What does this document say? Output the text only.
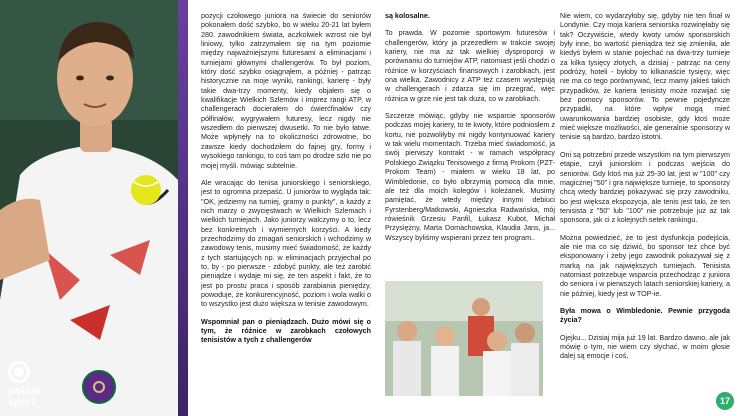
polsat
sport

pozycji czołowego juniora na świecie do seniorów pokonałem dość szybko, bo w wieku 20-21 lat byłem 280. zawodnikiem świata, aczkolwiek wzrost nie był liniowy, tylko zatrzymałem się na tym poziomie między najważniejszymi futuresami a eliminacjami i turniejami głównymi challengerów. To był poziom, który dość szybko osiągnąłem, a później - patrząc historycznie na moje wyniki, rankingi, karierę - były takie dwa-trzy momenty, kiedy objałem się o kwalifikacje Wielkich Szlemów i imprez rangi ATP, w challengerach docierałem do ćwierćfinałów czy półfinałów, wygrywałem futuresy, lecz nigdy nie wszedłem do pierwszej dwusetki. To nie było łatwe. Może wpłynęły na to okoliczności zdrowotne, bo zawsze kiedy dochodziłem do fajnej gry, formy i wysokiego rankingu, to coś tam po drodze szło nie po mojej myśli. mówiąc subtelnie.

Ale wracając do tenisa juniorskiego i seniorskiego, jest to ogromna przepaść. U juniorów to wygląda tak: "OK, jedziemy na turniej, gramy o punkty", a każdy z nich marzy o zwycięstwach w Wielkich Szlemach i wielkich turniejach. Jako juniorzy walczymy o to, lecz bez konkretnych i wymiernych korzyści. A kiedy przechodzimy do zmagań seniorskich i wchodzimy w zawodowy tenis, musimy mieć świadomość, że każdy z tych startujących np. w eliminacjach przyjechał po to, by - po pierwsze - zdobyć punkty, ale też zarobić pieniądze i wydaje mi się, że ten aspekt i fakt, że to jest po prostu praca i sposób zarabiania pieniędzy, powoduje, że konkurencyjność, poziom i wola walki o to wszystko jest dużo większa w tenisie zawodowym.

Wspomniał pan o pieniądzach. Dużo mówi się o tym, że różnice w zarobkach czołowych tenisistów a tych z challengerów

są kolosalne.

To prawda. W pozomie sportowym futuresów i challengerów, który ja przezedłem w trakcie swojej kariery, nie ma aż tak wielkiej dysproporcji w porównaniu do turniejów ATP, natomiast jeśli chodzi o różnice w korzyściach finansowych i zarobkach, jest ona wielka. Zawodnicy z ATP też czasem występują w challengerach i zdarza się im przegrać, więc różnica w grze nie jest tak duża, co w zarobkach.

Szczerze mówiąc, gdyby nie wsparcie sponsorów podczas mojej kariery, to te kwoty, które podniosłem z kortu, nie pozwoliłyby mi nigdy kontynuować kariery w tak wielu momentach. Trzeba mieć świadomość, ja swój pierwszy kontrakt - w ramach współpracy Polskiego Związku Tenisowego z firmą Prokom (PZT-Prokom Team) - miałem w wieku 18 lat, po Wimbledonie, co było olbrzymią pomocą dla mnie, ale też dla moich kolegów i koleżanek. Musimy pamiętać, że wtedy między innymi debiuci Fyrstenberg/Matkowski, Agnieszka Radwańska, mój rówieśnik Grzesiu Panfil, Łukasz Kubot, Michał Przysiężny, Marta Domachowska, Klaudia Jans, ja... Wszyscy byliśmy wspierani przez ten program..

Nie wiem, co wydarzyłoby się, gdyby nie ten finał w Londynie. Czy moja kariera seniorska rozwinęłaby się tak? Oczywiście, wtedy kwoty umów sponsorskich były inne, bo wartość pieniądza też się zmieniła, ale kiedyś byłem w stanie pojechać na dwa-trzy turnieje za kilka tysięcy złotych, a dzisiaj - patrząc na ceny podróży, hoteli - byłoby to kilkanaście tysięcy, więc nie ma co tego porównywać, lecz mamy jakieś takich przypadków, że kariera tenisisty może rozwijać się bez pomocy sponsorów. To pewnie pojedyncze przypadki, na które wpływ mogą mieć uwarunkowania bardziej osobiste, gdy ktoś może mieć większe możliwości, ale generalnie sponsorzy w tenisie są bardzo, bardzo istotni.

Oni są potrzebni przede wszystkim na tym pierwszym etapie, czyli juniorskim i podczas wejścia do seniorów. Gdy ktoś ma już 25-30 lat, jest w "100" czy magicznej "50" i gra największe turnieje, to sponsorzy chcą wtedy bardziej pokazywać się przy zawodniku, bo jest większa ekspozycja, ale tenis jest taki, że ten tenisista z "50" lub "100" nie potrzebuje już aż tak sponsora, jak ci z kolejnych setek rankingu.

Można powiedzieć, że to jest dysfunkcja podejścia, ale nie ma co się dziwić, bo sponsor też chce być eksponowany i żeby jego zawodnik pokazywał się z marką na jak największych turniejach. Tenisista natomiast potrzebuje wsparcia przechodząc z juniora do seniora i w pierwszych latach seniorskiej kariery, a nie później, kiedy jest w TOP-ie.

Była mowa o Wimbledonie. Pewnie przygoda życia?

Ojejku... Dzisiaj mija już 19 lat. Bardzo dawno, ale jak mówię o tym, nie wiem czy słychać, w moim głosie dalej są emocje i coś,

17
